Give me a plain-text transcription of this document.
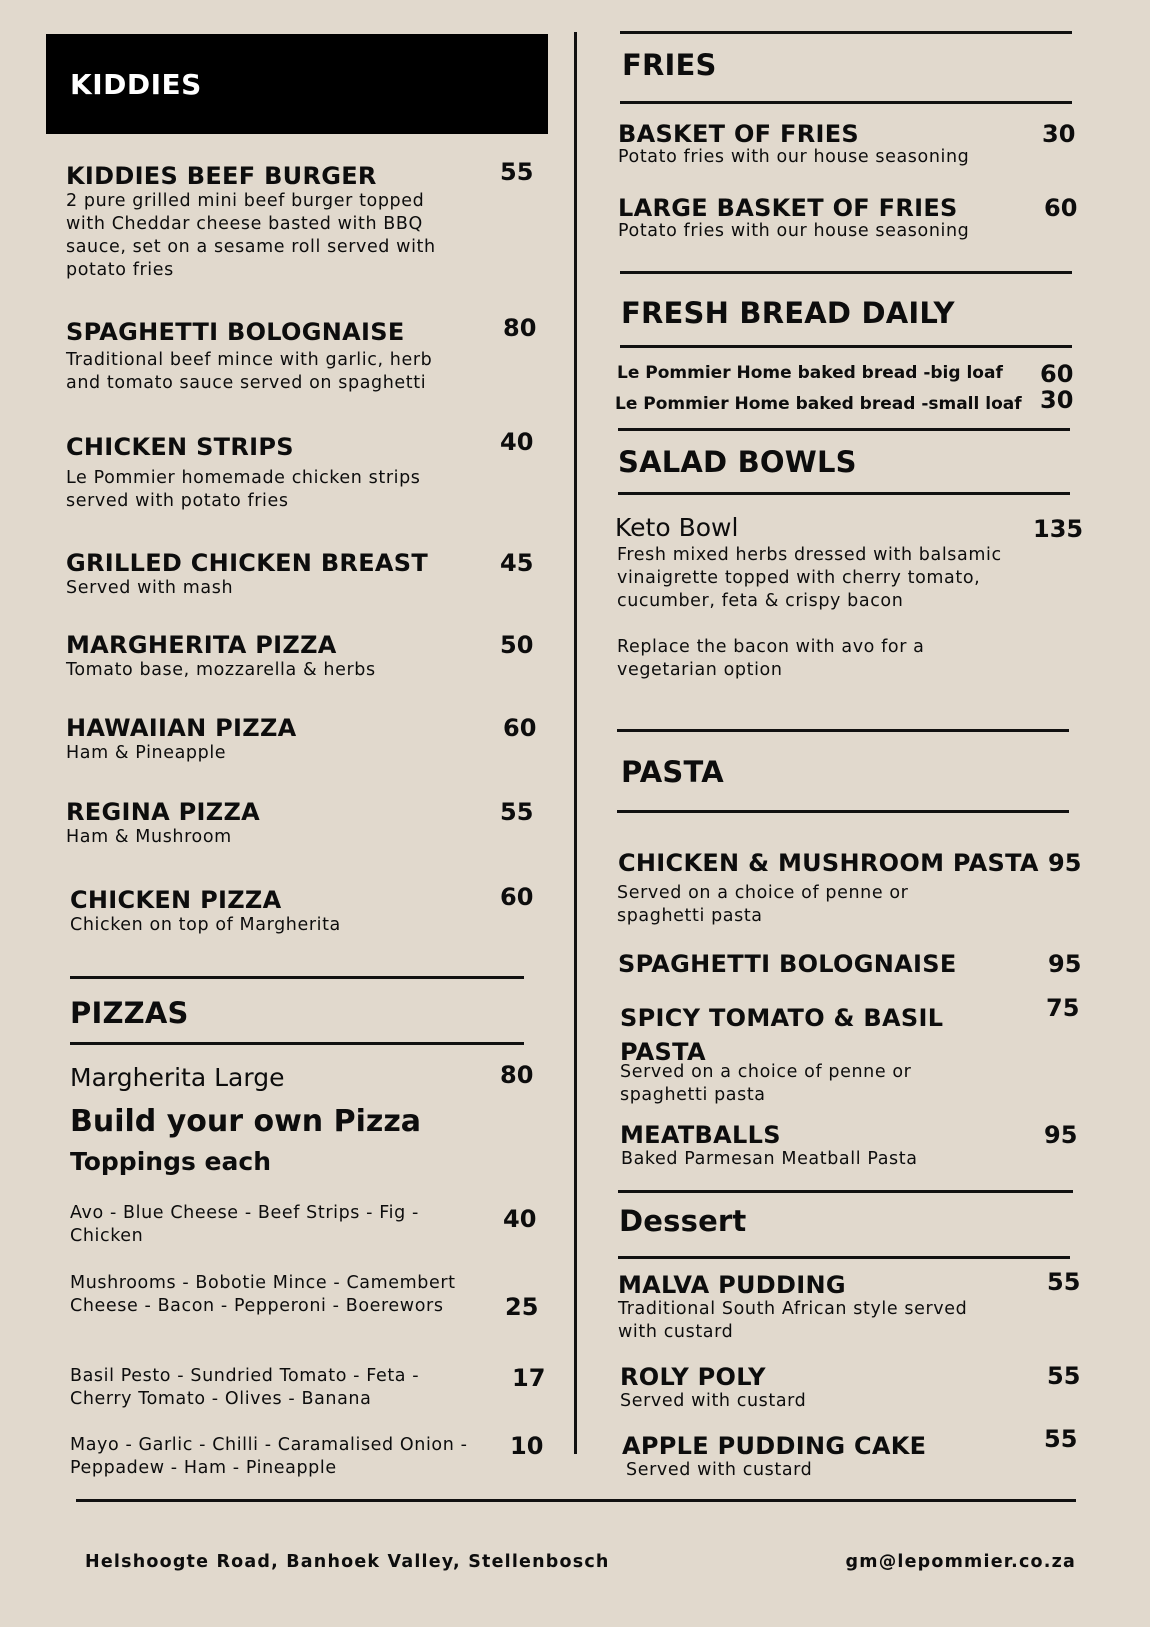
KIDDIES
KIDDIES BEEF BURGER	55
2 pure grilled mini beef burger topped with Cheddar cheese basted with BBQ sauce, set on a sesame roll served with potato fries
SPAGHETTI BOLOGNAISE	80
Traditional beef mince with garlic, herb and tomato sauce served on spaghetti
CHICKEN STRIPS	40
Le Pommier homemade chicken strips served with potato fries
GRILLED CHICKEN BREAST	45
Served with mash
MARGHERITA PIZZA	50
Tomato base, mozzarella & herbs
HAWAIIAN PIZZA	60
Ham & Pineapple
REGINA PIZZA	55
Ham & Mushroom
CHICKEN PIZZA	60
Chicken on top of Margherita
PIZZAS
Margherita Large	80
Build your own Pizza
Toppings each
Avo - Blue Cheese - Beef Strips - Fig - Chicken
40
Mushrooms - Bobotie Mince - Camembert Cheese - Bacon - Pepperoni - Boerewors	25
Basil Pesto - Sundried Tomato - Feta - Cherry Tomato - Olives - Banana
17
Mayo - Garlic - Chilli - Caramalised Onion - Peppadew - Ham - Pineapple
10
FRIES
BASKET OF FRIES	30
Potato fries with our house seasoning
LARGE BASKET OF FRIES	60
Potato fries with our house seasoning
FRESH BREAD DAILY
Le Pommier Home baked bread -big loaf 60
Le Pommier Home baked bread -small loaf 30
SALAD BOWLS
Keto Bowl	135
Fresh mixed herbs dressed with balsamic vinaigrette topped with cherry tomato, cucumber, feta & crispy bacon
Replace the bacon with avo for a vegetarian option
PASTA
CHICKEN & MUSHROOM PASTA 95
Served on a choice of penne or spaghetti pasta
SPAGHETTI BOLOGNAISE	95
SPICY TOMATO & BASIL PASTA
75
Served on a choice of penne or spaghetti pasta
MEATBALLS	95
Baked Parmesan Meatball Pasta
Dessert
MALVA PUDDING	55
Traditional South African style served with custard
ROLY POLY	55
Served with custard
APPLE PUDDING CAKE	55
Served with custard
Helshoogte Road, Banhoek Valley, Stellenbosch	gm@lepommier.co.za
